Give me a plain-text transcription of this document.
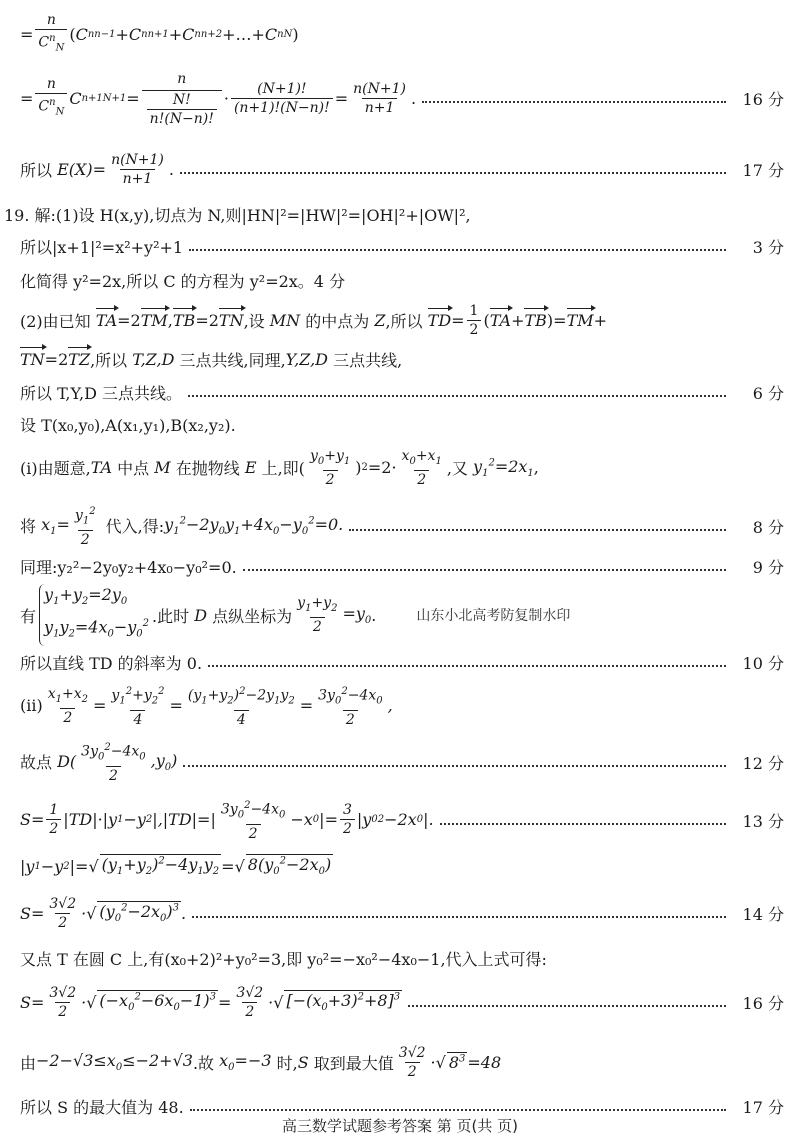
= $\frac{n}{C^n_N}$ ( C n n−1 + C n n+1 + C n n+2 +…+ C n N )
= $\frac{n}{C^n_N}$ C n+1 $N+1 = \frac{n}{\frac{N!}{n!(N-n)!}} \cdot \frac{(N+1)!}{(n+1)!(N-n)!} = \frac{n(N+1)}{n+1}$ .	16 分
所以 $E(X)= \frac{n(N+1)}{n+1}$ .	17 分
19. 解:(1)设 H(x,y),切点为 N,则|HN|²=|HW|²=|OH|²+|OW|²,
所以|x+1|²=x²+y²+1	3 分
化简得 y²=2x,所以 C 的方程为 y²=2x。4 分
(2)由已知 TA =2 TM , TB =2 TN ,设 MN 的中点为 Z ,所以 TD = $\frac{1}{2}$ ( TA + TB )= TM +
TN =2 TZ ,所以 T,Z,D 三点共线,同理, Y,Z,D 三点共线,
所以 T,Y,D 三点共线。	6 分
设 T(x₀,y₀),A(x₁,y₁),B(x₂,y₂).
(i)由题意, TA 中点 M 在抛物线 E 上,即( $\frac{y_0+y_1}{2}$ ) $2 =2\cdot \frac{x_0+x_1}{2}$ ,又 $y_1^2=2x_1$ ,
将 $x_1= \frac{y_1^2}{2}$ 代入,得: $y_1^2-2y_0y_1+4x_0-y_0^2=0$.	8 分
同理:y₂²−2y₀y₂+4x₀−y₀²=0.	9 分
有
$y_1+y_2=2y_0$
$y_1y_2=4x_0-y_0^2$ .此时 D 点纵坐标为 $\frac{y_1+y_2}{2} =y_0$ .	山东小北高考防复制水印
所以直线 TD 的斜率为 0.	10 分
$(ii) \frac{x_1+x_2}{2} = \frac{y_1^2+y_2^2}{4} = \frac{(y_1+y_2)^2-2y_1y_2}{4} = \frac{3y_0^2-4x_0}{2}$ ,
故点 $D( \frac{3y_0^2-4x_0}{2} ,y_0)$	12 分
$S= \frac{1}{2} |TD|\cdot|y$ 1 −y 2 $|,|TD|=| \frac{3y_0^2-4x_0}{2} -x$ 0 |= $\frac{3}{2} |y$ 0 2 −2x 0 |.	13 分
|y 1 −y 2 |=√ $(y_1+y_2)^2-4y_1y_2$ =√ $8(y_0^2-2x_0)$
$S= \frac{3√2}{2}$ ·√ $(y_0^2-2x_0)^3$ .	14 分
又点 T 在圆 C 上,有(x₀+2)²+y₀²=3,即 y₀²=−x₀²−4x₀−1,代入上式可得:
$S= \frac{3√2}{2}$ ·√ $(-x_0^2-6x_0-1)^3 = \frac{3√2}{2}$ ·√ $[-(x_0+3)^2+8]^3$	16 分
由 $-2-√3\le x_0\le-2+√3$ .故 $x_0=-3$ 时, S 取到最大值 $\frac{3√2}{2}$ ·√ $8^3 =48$
所以 S 的最大值为 48.	17 分
高三数学试题参考答案 第 页(共 页)
